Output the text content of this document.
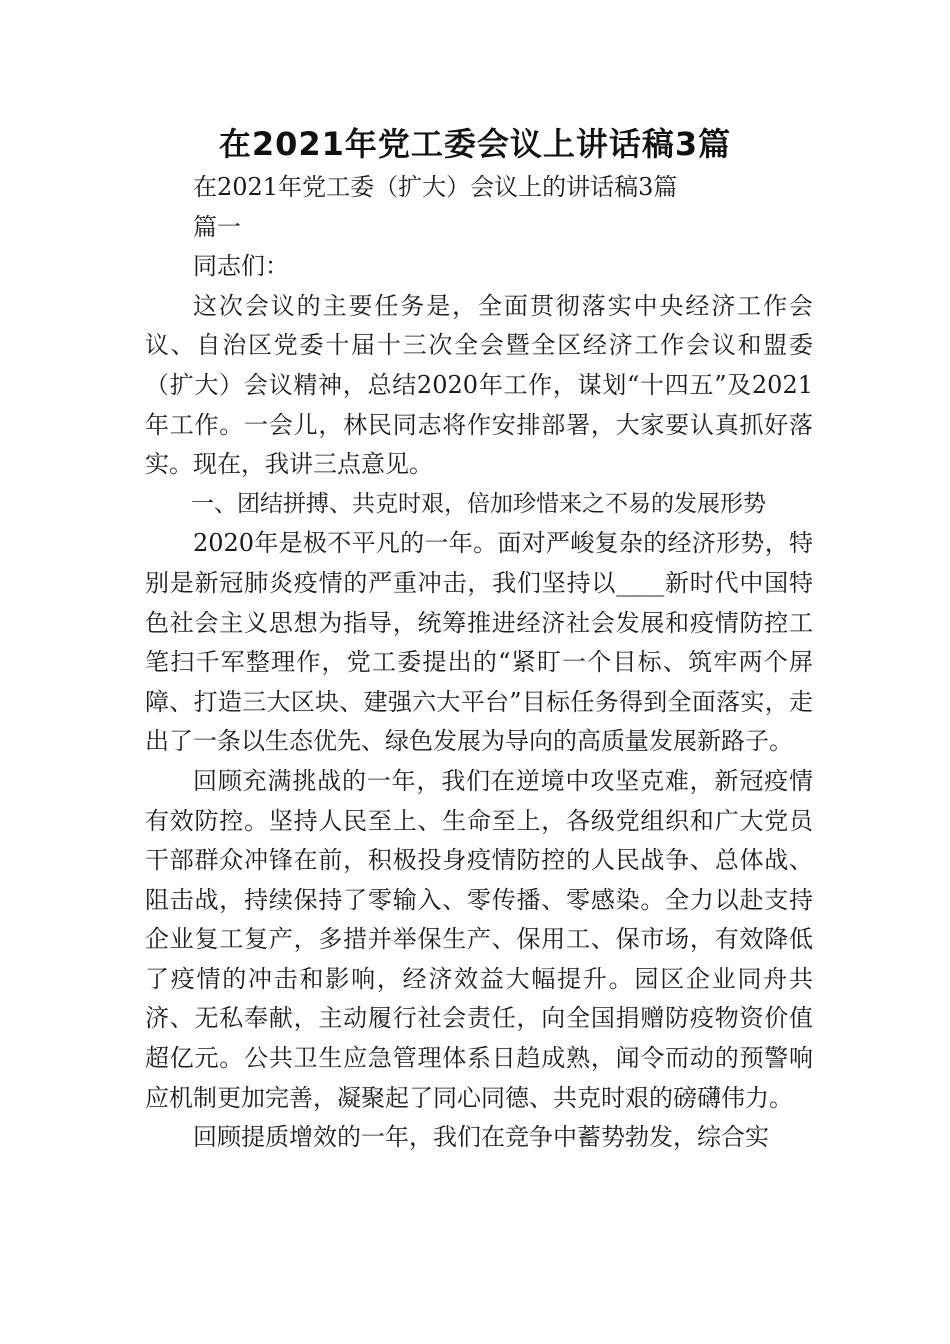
在2021年党工委会议上讲话稿3篇

在2021年党工委（扩大）会议上的讲话稿3篇

篇一

同志们：

这次会议的主要任务是，全面贯彻落实中央经济工作会议、自治区党委十届十三次全会暨全区经济工作会议和盟委（扩大）会议精神，总结2020年工作，谋划“十四五”及2021年工作。一会儿，林民同志将作安排部署，大家要认真抓好落实。现在，我讲三点意见。

一、团结拼搏、共克时艰，倍加珍惜来之不易的发展形势

2020年是极不平凡的一年。面对严峻复杂的经济形势，特别是新冠肺炎疫情的严重冲击，我们坚持以____新时代中国特色社会主义思想为指导，统筹推进经济社会发展和疫情防控工笔扫千军整理作，党工委提出的“紧盯一个目标、筑牢两个屏障、打造三大区块、建强六大平台”目标任务得到全面落实，走出了一条以生态优先、绿色发展为导向的高质量发展新路子。

回顾充满挑战的一年，我们在逆境中攻坚克难，新冠疫情有效防控。坚持人民至上、生命至上，各级党组织和广大党员干部群众冲锋在前，积极投身疫情防控的人民战争、总体战、阻击战，持续保持了零输入、零传播、零感染。全力以赴支持企业复工复产，多措并举保生产、保用工、保市场，有效降低了疫情的冲击和影响，经济效益大幅提升。园区企业同舟共济、无私奉献，主动履行社会责任，向全国捐赠防疫物资价值超亿元。公共卫生应急管理体系日趋成熟，闻令而动的预警响应机制更加完善，凝聚起了同心同德、共克时艰的磅礴伟力。

回顾提质增效的一年，我们在竞争中蓄势勃发，综合实
